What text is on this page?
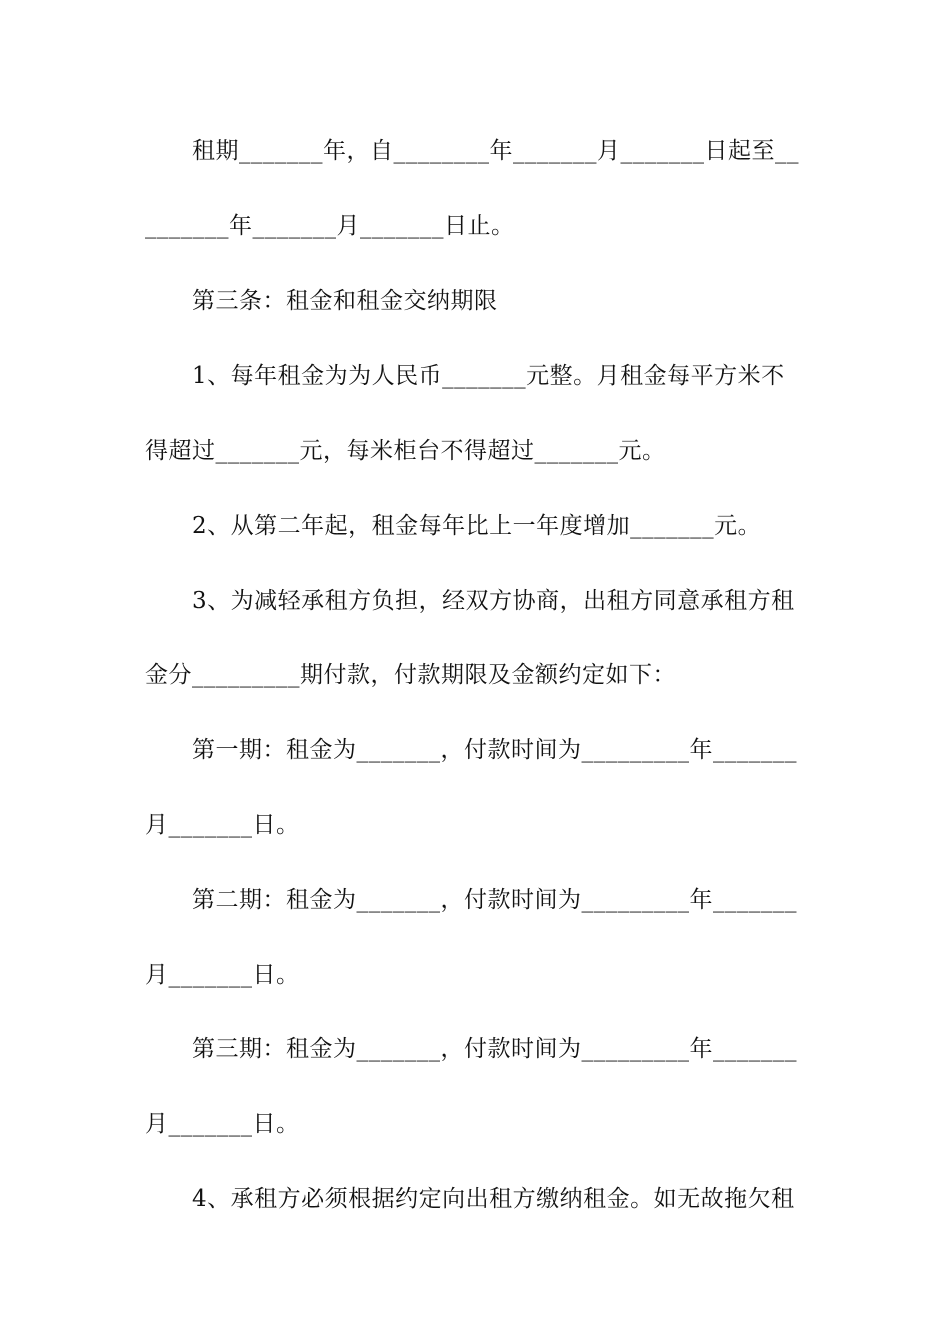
租期_______年，自________年_______月_______日起至__
_______年_______月_______日止。
第三条：租金和租金交纳期限
1、每年租金为为人民币_______元整。月租金每平方米不
得超过_______元，每米柜台不得超过_______元。
2、从第二年起，租金每年比上一年度增加_______元。
3、为减轻承租方负担，经双方协商，出租方同意承租方租
金分_________期付款，付款期限及金额约定如下：
第一期：租金为_______，付款时间为_________年_______
月_______日。
第二期：租金为_______，付款时间为_________年_______
月_______日。
第三期：租金为_______，付款时间为_________年_______
月_______日。
4、承租方必须根据约定向出租方缴纳租金。如无故拖欠租
